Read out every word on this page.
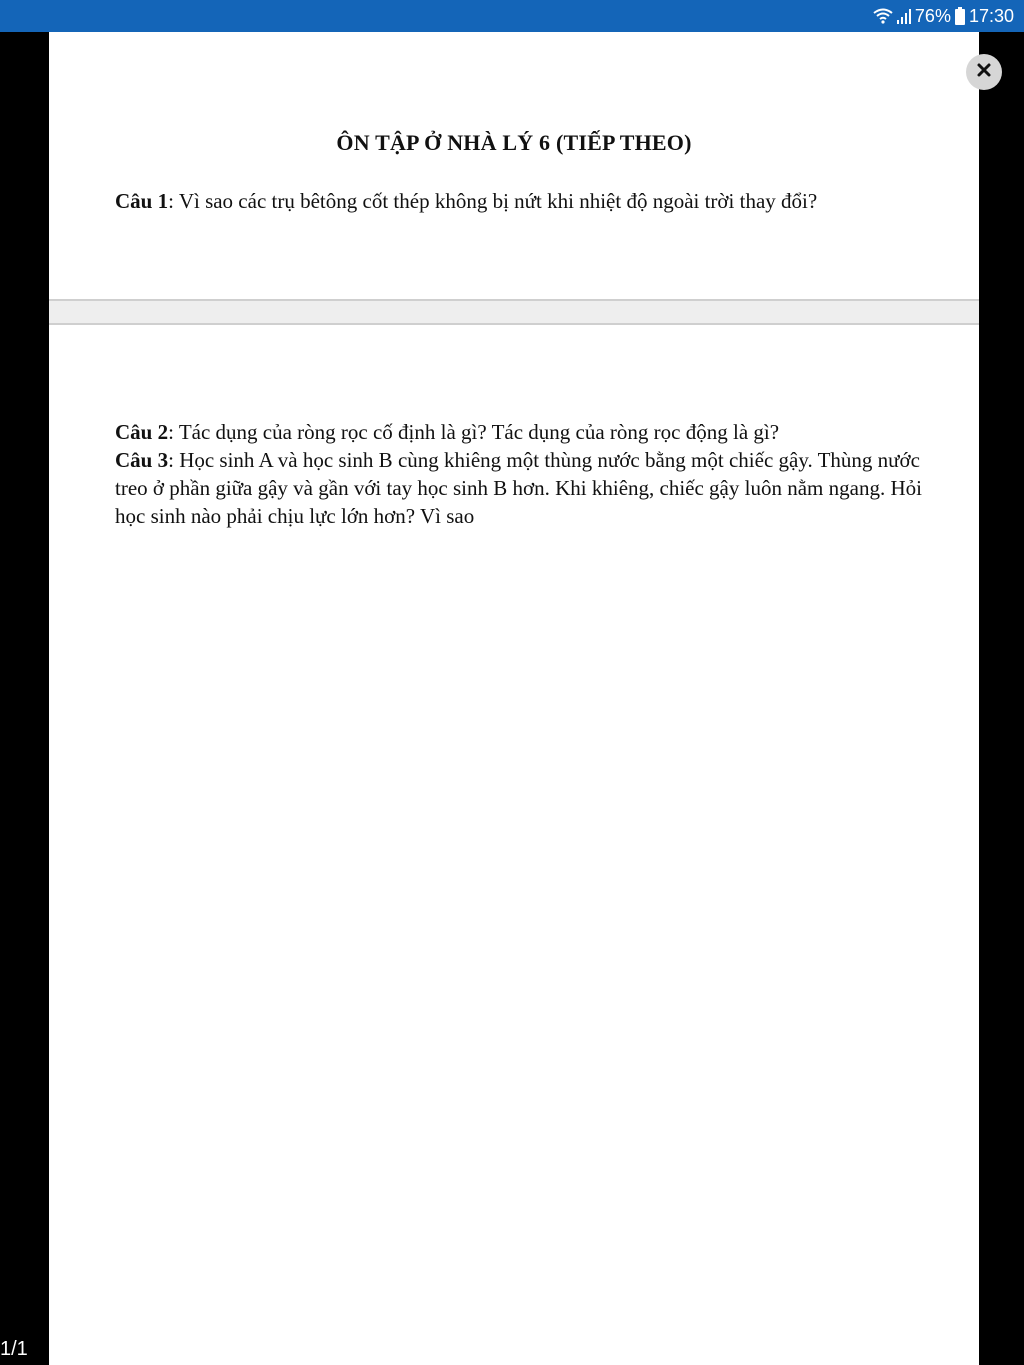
76% 17:30
ÔN TẬP Ở NHÀ LÝ 6 (TIẾP THEO)
Câu 1: Vì sao các trụ bêtông cốt thép không bị nứt khi nhiệt độ ngoài trời thay đổi?
Câu 2: Tác dụng của ròng rọc cố định là gì? Tác dụng của ròng rọc động là gì?
Câu 3: Học sinh A và học sinh B cùng khiêng một thùng nước bằng một chiếc gậy. Thùng nước treo ở phần giữa gậy và gần với tay học sinh B hơn. Khi khiêng, chiếc gậy luôn nằm ngang. Hỏi học sinh nào phải chịu lực lớn hơn? Vì sao
1/1
